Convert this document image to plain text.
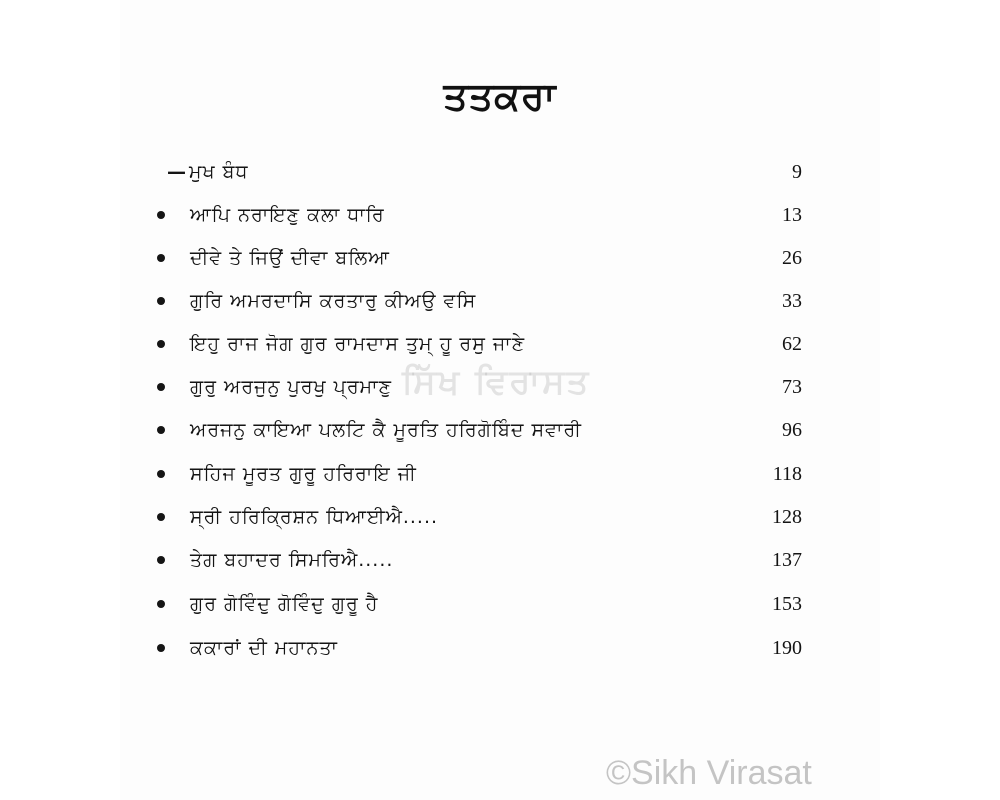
ਤਤਕਰਾ
— ਮੁਖ ਬੰਧ	9
ਆਪਿ ਨਰਾਇਣੁ ਕਲਾ ਧਾਰਿ	13
ਦੀਵੇ ਤੇ ਜਿਉਂ ਦੀਵਾ ਬਲਿਆ	26
ਗੁਰਿ ਅਮਰਦਾਸਿ ਕਰਤਾਰੁ ਕੀਅਉ ਵਸਿ	33
ਇਹੁ ਰਾਜ ਜੋਗ ਗੁਰ ਰਾਮਦਾਸ ਤੁਮ੍ ਹੂ ਰਸੁ ਜਾਣੇ	62
ਗੁਰੁ ਅਰਜੁਨੁ ਪੁਰਖੁ ਪ੍ਰਮਾਣੁ	73
ਅਰਜਨੁ ਕਾਇਆ ਪਲਟਿ ਕੈ ਮੂਰਤਿ ਹਰਿਗੋਬਿੰਦ ਸਵਾਰੀ	96
ਸਹਿਜ ਮੂਰਤ ਗੁਰੂ ਹਰਿਰਾਇ ਜੀ	118
ਸ੍ਰੀ ਹਰਿਕ੍ਰਿਸ਼ਨ ਧਿਆਈਐ.....	128
ਤੇਗ ਬਹਾਦਰ ਸਿਮਰਿਐ.....	137
ਗੁਰ ਗੋਵਿੰਦੁ ਗੋਵਿੰਦੁ ਗੁਰੂ ਹੈ	153
ਕਕਾਰਾਂ ਦੀ ਮਹਾਨਤਾ	190
ਸਿੱਖ ਵਿਰਾਸਤ
©Sikh Virasat
